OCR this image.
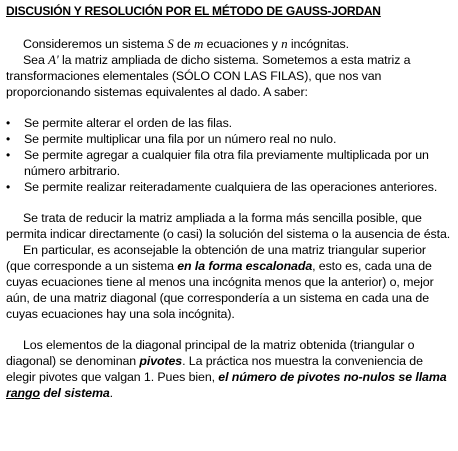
DISCUSIÓN Y RESOLUCIÓN POR EL MÉTODO DE GAUSS-JORDAN

Consideremos un sistema S de m ecuaciones y n incógnitas.

Sea A' la matriz ampliada de dicho sistema. Sometemos a esta matriz a transformaciones elementales (SÓLO CON LAS FILAS), que nos van proporcionando sistemas equivalentes al dado. A saber:

• Se permite alterar el orden de las filas.
• Se permite multiplicar una fila por un número real no nulo.
• Se permite agregar a cualquier fila otra fila previamente multiplicada por un número arbitrario.
• Se permite realizar reiteradamente cualquiera de las operaciones anteriores.

Se trata de reducir la matriz ampliada a la forma más sencilla posible, que permita indicar directamente (o casi) la solución del sistema o la ausencia de ésta.

En particular, es aconsejable la obtención de una matriz triangular superior (que corresponde a un sistema en la forma escalonada, esto es, cada una de cuyas ecuaciones tiene al menos una incógnita menos que la anterior) o, mejor aún, de una matriz diagonal (que correspondería a un sistema en cada una de cuyas ecuaciones hay una sola incógnita).

Los elementos de la diagonal principal de la matriz obtenida (triangular o diagonal) se denominan pivotes. La práctica nos muestra la conveniencia de elegir pivotes que valgan 1. Pues bien, el número de pivotes no-nulos se llama rango del sistema.
